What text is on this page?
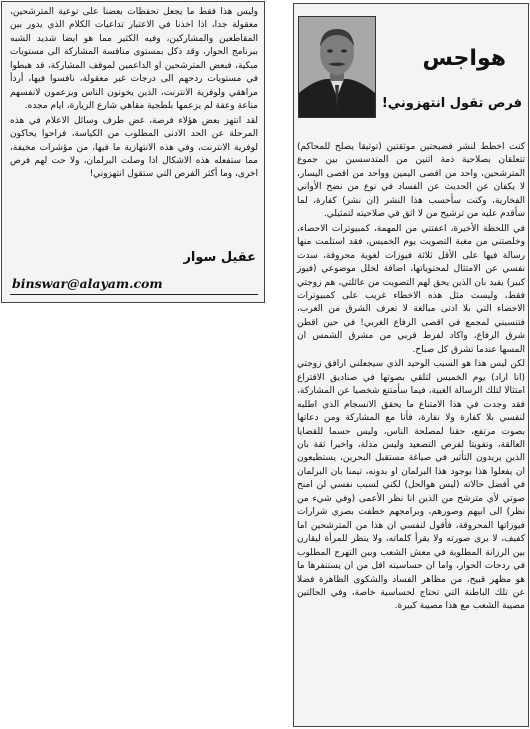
وليس هذا فقط ما يجعل تحفظات بعضنا على نوعية المترشحين، معقولة جدا، اذا اخذنا في الاعتبار تداعيات الكلام الذي يدور بين المقاطعين والمشاركين، وفيه الكثير مما هو ايضا شديد الشبه ببرنامج الحوار، وقد ذكل بمستوى منافسة المشاركة الى مستويات مبكية، فبعض المترشحين او الداعمين لموقف المشاركة، قد هبطوا في مستويات ردحهم الى درجات غير معقولة، نافسوا فيها، أردأ مراهقي ولوفرية الانترنت، الذين يخونون الناس ويزعمون لانفسهم مناعة وعفة لم يزعمها بلطجية مقاهي شارع الزيارة، ايام مجده.

لقد انتهز بعض هؤلاء فرصة، غض طرف وسائل الاعلام في هذه المرحلة عن الحد الادنى المطلوب من الكياسة، فراحوا يحاكون لوفرية الانترنت، وفي هذه الانتهازية ما فيها، من مؤشرات مخيفة، مما ستفعله هذه الاشكال اذا وصلت البرلمان، ولا حت لهم فرص اخرى، وما أكثر الفرص التي ستقول انتهزوني!

عقيل سوار
binswar@alayam.com
هواجس
فرص تقول انتهزوني!

كنت اخطط لنشر فضيحتين موثقتين (توثيقا يصلح للمحاكم) تتعلقان بصلاحية ذمة اثنين من المتدسسين بين جموع المترشحين، واحد من اقصى اليمين وواحد من اقصى اليسار، لا يكفان عن الحديث عن الفساد في نوع من نضح الأواني الفخارية، وكنت سأحسب هذا النشر (ان نشر) كفارة، لما سأقدم عليه من ترشيح من لا اثق في صلاحيته لتمثيلي.

في اللحظة الأخيرة، اعفتني من المهمة، كمبيوترات الاحصاء، وخلصتني من مغبة التصويت يوم الخميس، فقد استلمت منها رسالة فيها على الأقل ثلاثة فيوزات لغوية محروقة، سدت نفسي عن الامتثال لمحتوياتها، اضافة لخلل موضوعي (فيوز كبير) يفيد بان الذين يحق لهم التصويت من عائلتي، هم زوجتي فقط، وليست مثل هذه الاخطاء غريب على كمبيوترات الاحصاء التي بلا ادنى مبالغة لا تعرف الشرق من الغرب، فتنسبني لمجمع في اقصى الرفاع الغربي! في حين اقطن شرق الرفاع، واكاد لفرط قربي من مشرق الشمس ان المسها عندما تشرق كل صباح.

لكن ليس هذا هو السبب الوحيد الذي سيجعلني ارافق زوجتي (انا اراد) يوم الخميس لتلقي بصوتها في صناديق الاقتراع امتثالا لتلك الرسالة الغبية، فيما سأمتنع شخصيا عن المشاركة، فقد وجدت في هذا الامتناع ما يحقق الانسجام الذي اطلبه لنفسي بلا كفارة ولا نفارة، فأنا مع المشاركة ومن دعاتها بصوت مرتفع، حقنا لمصلحة الناس، وليس حسما للقضايا العالقة، وتفويتا لفرص التصعيد وليس مذلة، واخيرا ثقة بان الذين يريدون التأثير في صياغة مستقبل البحرين، يستطيعون ان يفعلوا هذا بوجود هذا البرلمان او بدونه، تيمنا بان البرلمان في أفضل حالاته (ليس هوالحل) لكني لسبب نفسي لن امنح صوتي لأي مترشح من الذين انا نظر الأعمى (وفي شيء من نظر) الى ابيهم وصورهم، وبرامجهم خطفت بصري شرارات فيوزاتها المحروقة، فأقول لنفسي ان هذا من المترشحين اما كفيف، لا يرى صورته ولا يقرأ كلماته، ولا ينظر للمرأة ليقارن بين الرزانة المطلوبة في معش الشعب وبين التهرج المطلوب في ردحات الحوار، واما ان حساسيته اقل من ان يستنفرها ما هو مظهر قبيح، من مظاهر الفساد والشكوى الظاهرة فضلا عن تلك الباطنة التي تحتاج لحساسية خاصة، وفي الحالتين مصيبة الشعب مع هذا مصيبة كبيرة.
